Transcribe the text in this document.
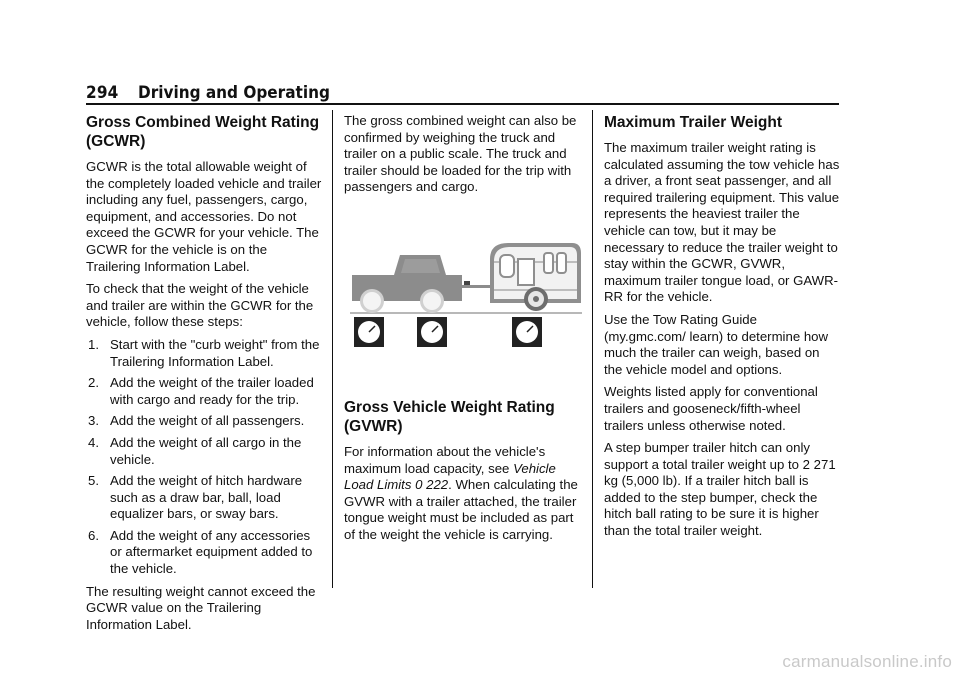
294 Driving and Operating
Gross Combined Weight Rating (GCWR)

GCWR is the total allowable weight of the completely loaded vehicle and trailer including any fuel, passengers, cargo, equipment, and accessories. Do not exceed the GCWR for your vehicle. The GCWR for the vehicle is on the Trailering Information Label.

To check that the weight of the vehicle and trailer are within the GCWR for the vehicle, follow these steps:

1. Start with the "curb weight" from the Trailering Information Label.
2. Add the weight of the trailer loaded with cargo and ready for the trip.
3. Add the weight of all passengers.
4. Add the weight of all cargo in the vehicle.
5. Add the weight of hitch hardware such as a draw bar, ball, load equalizer bars, or sway bars.
6. Add the weight of any accessories or aftermarket equipment added to the vehicle.

The resulting weight cannot exceed the GCWR value on the Trailering Information Label.

The gross combined weight can also be confirmed by weighing the truck and trailer on a public scale. The truck and trailer should be loaded for the trip with passengers and cargo.

Gross Vehicle Weight Rating (GVWR)

For information about the vehicle's maximum load capacity, see Vehicle Load Limits 0 222. When calculating the GVWR with a trailer attached, the trailer tongue weight must be included as part of the weight the vehicle is carrying.

Maximum Trailer Weight

The maximum trailer weight rating is calculated assuming the tow vehicle has a driver, a front seat passenger, and all required trailering equipment. This value represents the heaviest trailer the vehicle can tow, but it may be necessary to reduce the trailer weight to stay within the GCWR, GVWR, maximum trailer tongue load, or GAWR-RR for the vehicle.

Use the Tow Rating Guide (my.gmc.com/ learn) to determine how much the trailer can weigh, based on the vehicle model and options.

Weights listed apply for conventional trailers and gooseneck/fifth-wheel trailers unless otherwise noted.

A step bumper trailer hitch can only support a total trailer weight up to 2 271 kg (5,000 lb). If a trailer hitch ball is added to the step bumper, check the hitch ball rating to be sure it is higher than the total trailer weight.

carmanualsonline.info
